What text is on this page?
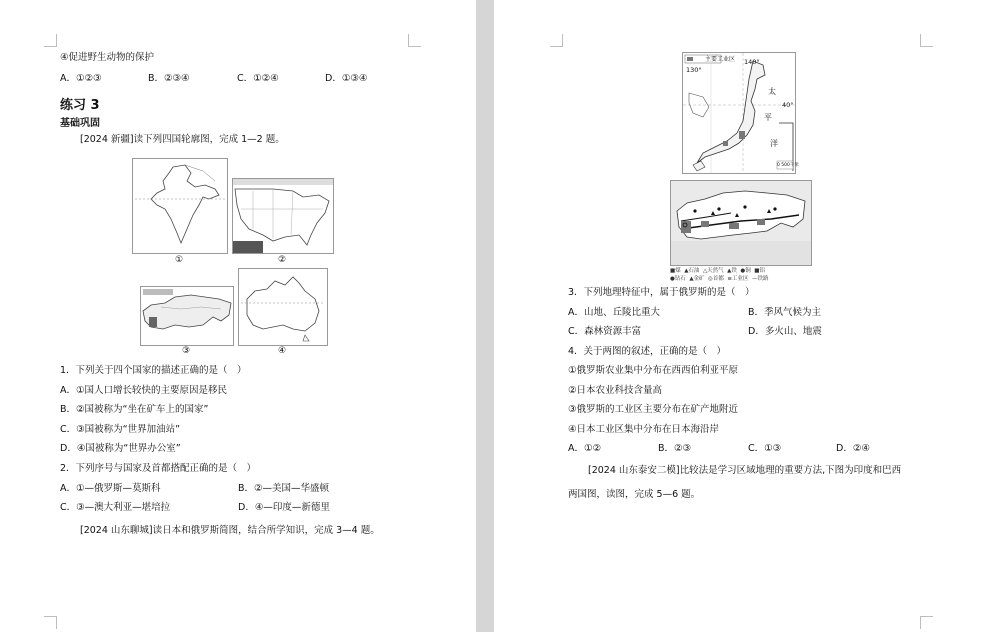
④促进野生动物的保护
A．①②③	B．②③④	C．①②④	D．①③④
练习 3
基础巩固
[2024 新疆]读下列四国轮廓图，完成 1—2 题。
①	②
③	④
1．下列关于四个国家的描述正确的是（　）
A．①国人口增长较快的主要原因是移民
B．②国被称为“坐在矿车上的国家”
C．③国被称为“世界加油站”
D．④国被称为“世界办公室”
2．下列序号与国家及首都搭配正确的是（　）
A．①—俄罗斯—莫斯科	B．②—美国—华盛顿
C．③—澳大利亚—堪培拉	D．④—印度—新德里
[2024 山东聊城]读日本和俄罗斯简图，结合所学知识，完成 3—4 题。
主要工业区
130°
140°
40°
太
平
洋
0 500千米
■煤 ▲石油 △天然气 ▲铁 ●铜 ■铝
●钻石 ▲金矿 ◎首都 ≡工业区 —铁路
3．下列地理特征中，属于俄罗斯的是（　）
A．山地、丘陵比重大	B．季风气候为主
C．森林资源丰富	D．多火山、地震
4．关于两图的叙述，正确的是（　）
①俄罗斯农业集中分布在西西伯利亚平原
②日本农业科技含量高
③俄罗斯的工业区主要分布在矿产地附近
④日本工业区集中分布在日本海沿岸
A．①②	B．②③	C．①③	D．②④
[2024 山东泰安二模]比较法是学习区域地理的重要方法,下图为印度和巴西
两国图，读图，完成 5—6 题。
